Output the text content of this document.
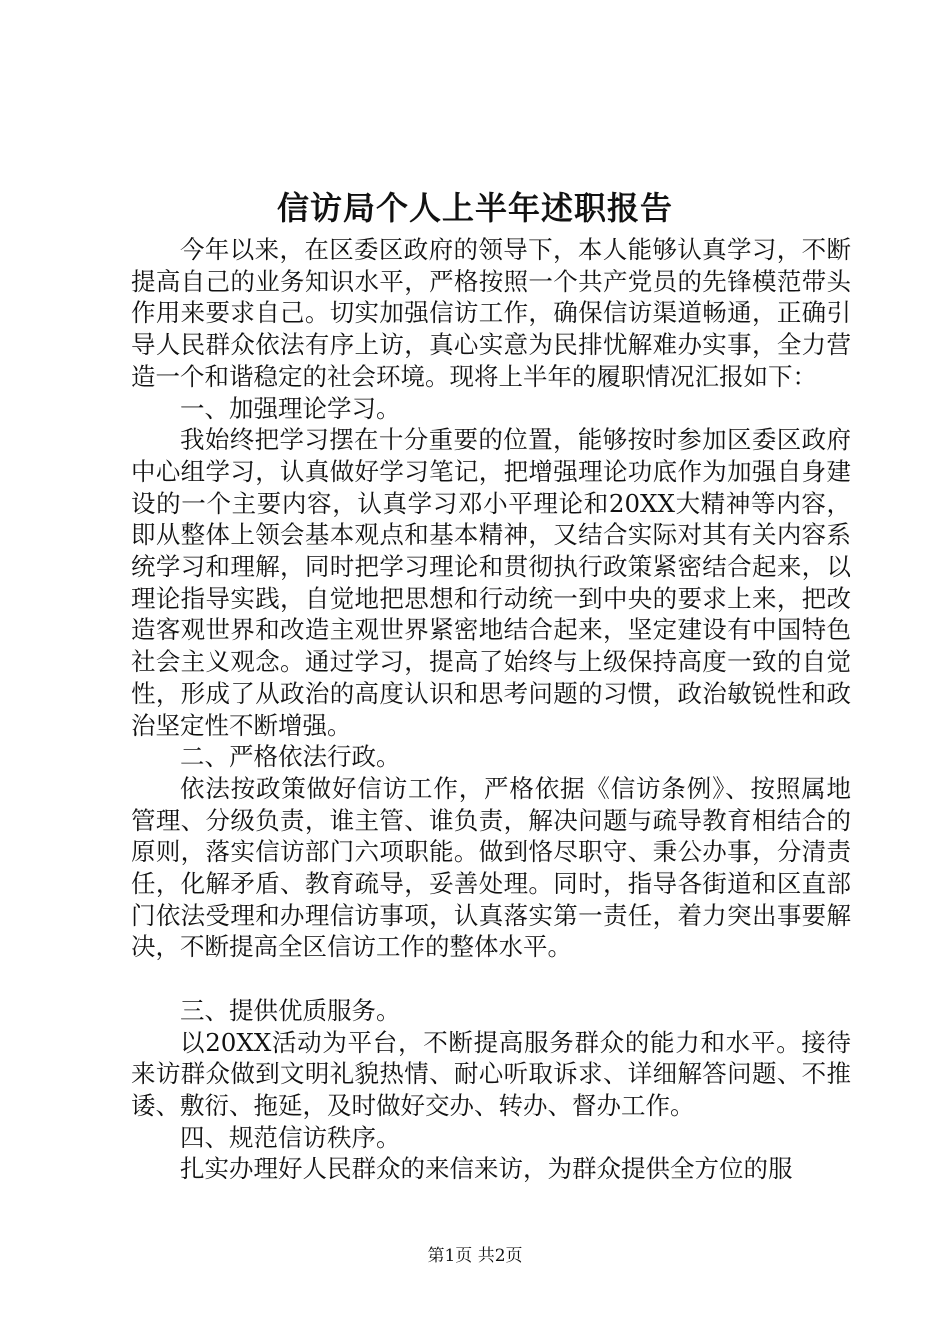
信访局个人上半年述职报告

今年以来，在区委区政府的领导下，本人能够认真学习，不断提高自己的业务知识水平，严格按照一个共产党员的先锋模范带头作用来要求自己。切实加强信访工作，确保信访渠道畅通，正确引导人民群众依法有序上访，真心实意为民排忧解难办实事，全力营造一个和谐稳定的社会环境。现将上半年的履职情况汇报如下：

一、加强理论学习。

我始终把学习摆在十分重要的位置，能够按时参加区委区政府中心组学习，认真做好学习笔记，把增强理论功底作为加强自身建设的一个主要内容，认真学习邓小平理论和20XX大精神等内容，即从整体上领会基本观点和基本精神，又结合实际对其有关内容系统学习和理解，同时把学习理论和贯彻执行政策紧密结合起来，以理论指导实践，自觉地把思想和行动统一到中央的要求上来，把改造客观世界和改造主观世界紧密地结合起来，坚定建设有中国特色社会主义观念。通过学习，提高了始终与上级保持高度一致的自觉性，形成了从政治的高度认识和思考问题的习惯，政治敏锐性和政治坚定性不断增强。

二、严格依法行政。

依法按政策做好信访工作，严格依据《信访条例》、按照属地管理、分级负责，谁主管、谁负责，解决问题与疏导教育相结合的原则，落实信访部门六项职能。做到恪尽职守、秉公办事，分清责任，化解矛盾、教育疏导，妥善处理。同时，指导各街道和区直部门依法受理和办理信访事项，认真落实第一责任，着力突出事要解决，不断提高全区信访工作的整体水平。

三、提供优质服务。

以20XX活动为平台，不断提高服务群众的能力和水平。接待来访群众做到文明礼貌热情、耐心听取诉求、详细解答问题、不推诿、敷衍、拖延，及时做好交办、转办、督办工作。

四、规范信访秩序。

扎实办理好人民群众的来信来访，为群众提供全方位的服

第1页 共2页
